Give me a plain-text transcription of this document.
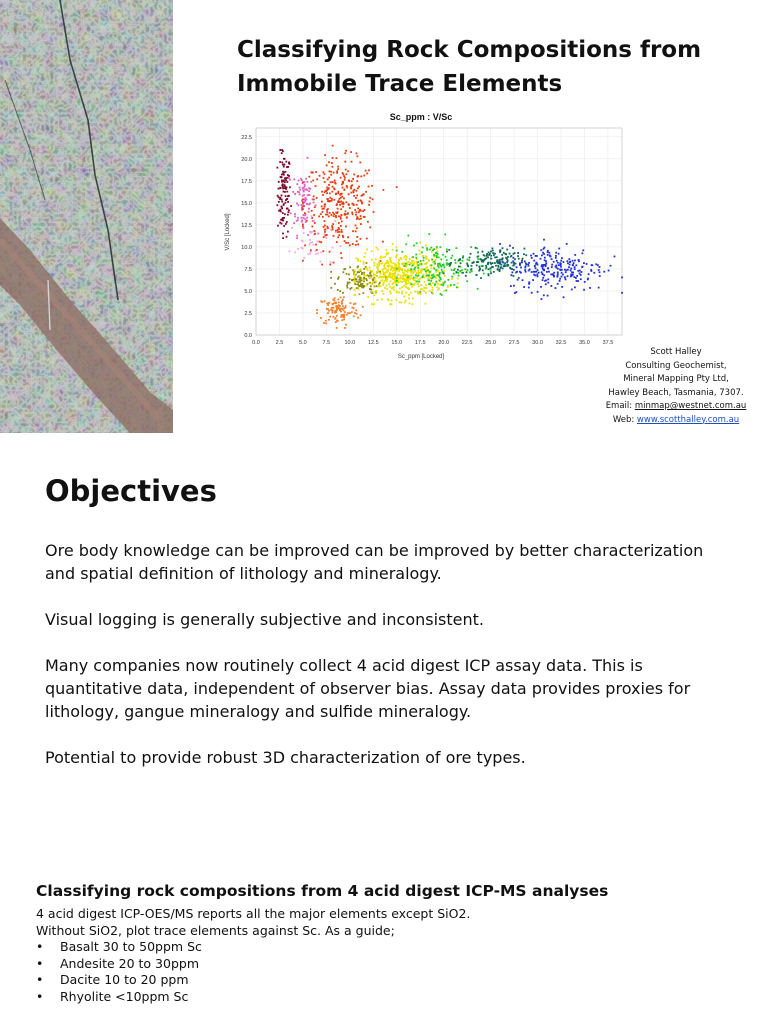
Classifying Rock Compositions from Immobile Trace Elements
Sc_ppm : V/Sc
0.0	2.5	5.0	7.5	10.0 12.5 15.0 17.5 20.0 22.5 25.0 27.5 30.0 32.5 35.0 37.5
0.0
2.5
5.0
7.5
10.0
12.5
15.0
17.5
20.0
22.5
Sc_ppm [Locked]
V/Sc [Locked]
Scott Halley
Consulting Geochemist,
Mineral Mapping Pty Ltd,
Hawley Beach, Tasmania, 7307.
Email: minmap@westnet.com.au
Web: www.scotthalley.com.au
Objectives

Ore body knowledge can be improved can be improved by better characterization and spatial definition of lithology and mineralogy.

Visual logging is generally subjective and inconsistent.

Many companies now routinely collect 4 acid digest ICP assay data. This is quantitative data, independent of observer bias. Assay data provides proxies for lithology, gangue mineralogy and sulfide mineralogy.

Potential to provide robust 3D characterization of ore types.

Classifying rock compositions from 4 acid digest ICP-MS analyses
4 acid digest ICP-OES/MS reports all the major elements except SiO2.
Without SiO2, plot trace elements against Sc. As a guide;
• Basalt 30 to 50ppm Sc
• Andesite 20 to 30ppm
• Dacite 10 to 20 ppm
• Rhyolite <10ppm Sc
